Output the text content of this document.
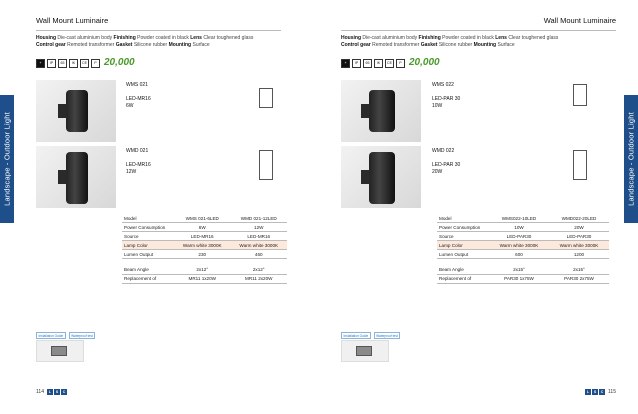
Landscape - Outdoor Light
Wall Mount Luminaire
Housing Die-cast aluminium body Finishing Powder coated in black Lens Clear toughened glass
Control gear Remoted transformer Gasket Silicone rubber Mounting Surface
+	IP	65	IK	CE	P 20,000
WMS 021
LED-MR16
6W
WMD 021
LED-MR16
12W
Model	WMS 021-6LED	WMD 021-12LED
Power Consumption	6W	12W
Source	LED-MR16	LED-MR16
Lamp Color	Warm white 3000K	Warm white 3000K
Lumen Output	230	460

Beam Angle	2x12°	2x12°
Replacement of	MR11 1x20W	MR11 2x20W
Installation Guide	Waterproof test
114	L	S	C
Landscape - Outdoor Light
Wall Mount Luminaire
Housing Die-cast aluminium body Finishing Powder coated in black Lens Clear toughened glass
Control gear Remoted transformer Gasket Silicone rubber Mounting Surface
+	IP	65	IK	CE	P 20,000
WMS 022
LED-PAR 30
10W
WMD 022
LED-PAR 30
20W
Model	WMS022-10LED	WMD022-20LED
Power Consumption	10W	20W
Source	LED-PAR30	LED-PAR30
Lamp Color	Warm white 3000K	Warm white 3000K
Lumen Output	600	1200

Beam Angle	2x15°	2x15°
Replacement of	PAR30 1x75W	PAR30 2x75W
Installation Guide	Waterproof test
L	S	C 115
